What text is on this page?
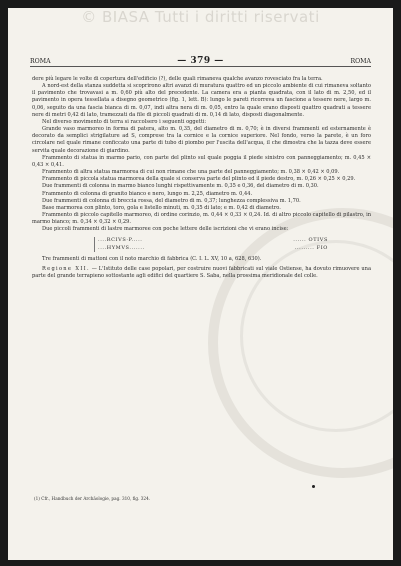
© BIASA Tutti i diritti riservati
ROMA	— 379 —	ROMA

dere più legare le volte di copertura dell'edificio (?), delle quali rimaneva qualche avanzo rovesciato fra la terra.

A nord-est della stanza suddetta si scoprirono altri avanzi di muratura quattro ed un piccolo ambiente di cui rimaneva soltanto il pavimento che trovavasi a m. 0,60 più alto del precedente. La camera era a pianta quadrata, con il lato di m. 2,50, ed il pavimento in opera tessellata a disegno geometrico (fig. 1, lett. B): lungo le pareti ricorreva un fascione a tessere nere, largo m. 0,06, seguito da una fascia bianca di m. 0,07, indi altra nera di m. 0,05, entro la quale erano disposti quattro quadrati a tessere nere di metri 0,42 di lato, tramezzati da file di piccoli quadrati di m. 0,14 di lato, disposti diagonalmente.

Nel diverso movimento di terra si raccolsero i seguenti oggetti:

Grande vaso marmoreo in forma di patera, alto m. 0,35, del diametro di m. 0,70; è in diversi frammenti ed esternamente è decorato da semplici strigilature ad S, comprese tra la cornice e la cornice superiore. Nel fondo, verso la parete, è un foro circolare nel quale rimane conficcato una parte di tubo di piombo per l'uscita dell'acqua, il che dimostra che la tazza deve essere servita quale decorazione di giardino.

Frammento di statua in marmo pario, con parte del plinto sul quale poggia il piede sinistro con panneggiamento; m. 0,45 × 0,43 × 0,41.

Frammento di altra statua marmorea di cui non rimane che una parte del panneggiamento; m. 0,38 × 0,42 × 0,09.

Frammento di piccola statua marmorea della quale si conserva parte del plinto ed il piede destro, m. 0,26 × 0,25 × 0,29.

Due frammenti di colonna in marmo bianco lunghi rispettivamente m. 0,35 e 0,36, del diametro di m. 0,30.

Frammento di colonna di granito bianco e nero, lungo m. 2,25, diametro m. 0,44.

Due frammenti di colonna di breccia rossa, del diametro di m. 0,37; lunghezza complessiva m. 1,70.

Base marmorea con plinto, toro, gola e listello minuti, m. 0,35 di lato; e m. 0,42 di diametro.

Frammento di piccolo capitello marmoreo, di ordine corinzio, m. 0,44 × 0,33 × 0,24. Id. di altro piccolo capitello di pilastro, in marmo bianco; m. 0,34 × 0,32 × 0,29.

Due piccoli frammenti di lastre marmoree con poche lettere delle iscrizioni che vi erano incise:

....RCIVS·P.....	...... OTIVS
....HYMVS.......	......... FIO

Tre frammenti di mattoni con il noto marchio di fabbrica (C. I. L. XV, 10 a, 628, 630).

Regione XII. — L'Istituto delle case popolari, per costruire nuovi fabbricati sul viale Ostiense, ha dovuto rimuovere una parte del grande terrapieno sottostante agli edifici del quartiere S. Saba, nella prossima meridionale del colle.

(1) Cfr., Handbuch der Archäologie, pag. 310, fig. 324.
